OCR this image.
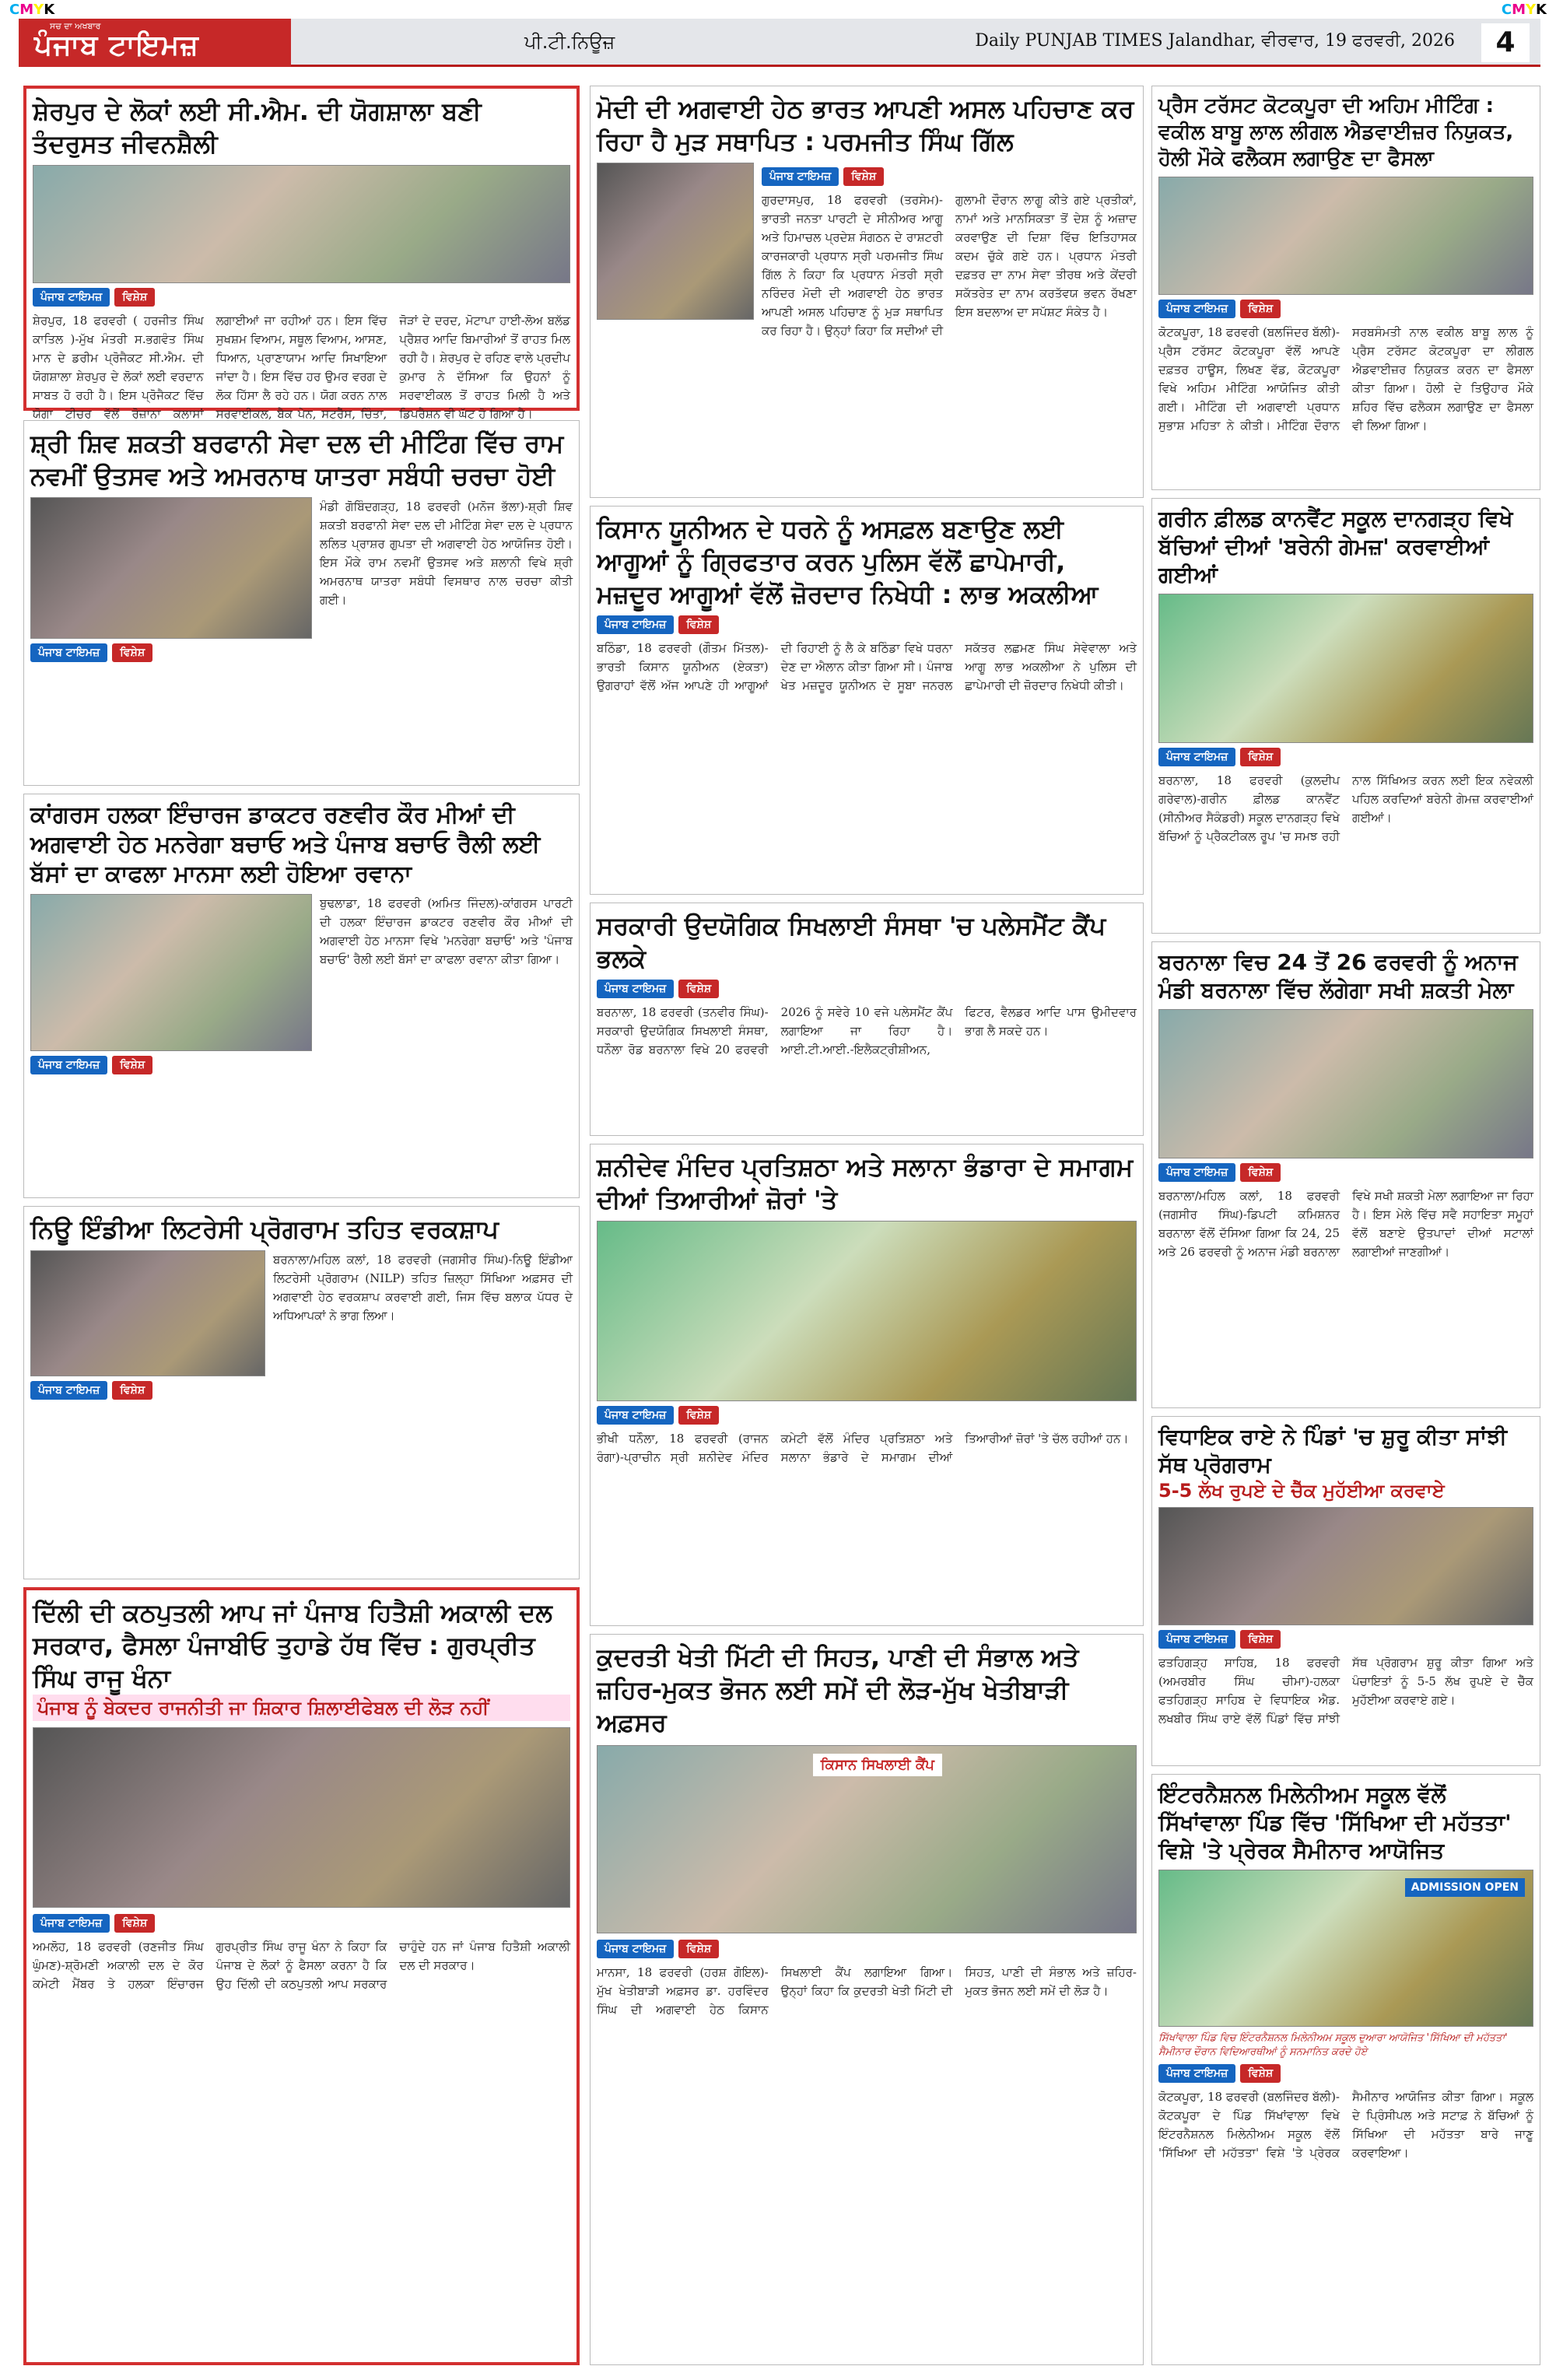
CMYK	CMYK
ਸਚ ਦਾ ਅਖਬਾਰ
ਪੰਜਾਬ ਟਾਇਮਜ਼	ਪੀ.ਟੀ.ਨਿਊਜ਼	Daily PUNJAB TIMES Jalandhar, ਵੀਰਵਾਰ, 19 ਫਰਵਰੀ, 2026	4
ਸ਼ੇਰਪੁਰ ਦੇ ਲੋਕਾਂ ਲਈ ਸੀ.ਐਮ. ਦੀ ਯੋਗਸ਼ਾਲਾ ਬਣੀ ਤੰਦਰੁਸਤ ਜੀਵਨਸ਼ੈਲੀ
ਪੰਜਾਬ ਟਾਇਮਜ਼	ਵਿਸ਼ੇਸ਼
ਸ਼ੇਰਪੁਰ, 18 ਫਰਵਰੀ ( ਹਰਜੀਤ ਸਿੰਘ ਕਾਤਿਲ )-ਮੁੱਖ ਮੰਤਰੀ ਸ.ਭਗਵੰਤ ਸਿੰਘ ਮਾਨ ਦੇ ਡਰੀਮ ਪ੍ਰੋਜੈਕਟ ਸੀ.ਐਮ. ਦੀ ਯੋਗਸ਼ਾਲਾ ਸ਼ੇਰਪੁਰ ਦੇ ਲੋਕਾਂ ਲਈ ਵਰਦਾਨ ਸਾਬਤ ਹੋ ਰਹੀ ਹੈ। ਇਸ ਪ੍ਰੋਜੈਕਟ ਵਿੱਚ ਯੋਗਾ ਟੀਚਰ ਵੱਲੋਂ ਰੋਜ਼ਾਨਾ ਕਲਾਸਾਂ ਲਗਾਈਆਂ ਜਾ ਰਹੀਆਂ ਹਨ। ਇਸ ਵਿੱਚ ਸੁਖਸ਼ਮ ਵਿਆਮ, ਸਥੂਲ ਵਿਆਮ, ਆਸਣ, ਧਿਆਨ, ਪ੍ਰਾਣਾਯਾਮ ਆਦਿ ਸਿਖਾਇਆ ਜਾਂਦਾ ਹੈ। ਇਸ ਵਿੱਚ ਹਰ ਉਮਰ ਵਰਗ ਦੇ ਲੋਕ ਹਿੱਸਾ ਲੈ ਰਹੇ ਹਨ। ਯੋਗ ਕਰਨ ਨਾਲ ਸਰਵਾਈਕਲ, ਬੈਕ ਪੇਨ, ਸਟਰੈੱਸ, ਚਿੰਤਾ, ਜੋੜਾਂ ਦੇ ਦਰਦ, ਮੋਟਾਪਾ ਹਾਈ-ਲੋਅ ਬਲੱਡ ਪ੍ਰੈਸ਼ਰ ਆਦਿ ਬਿਮਾਰੀਆਂ ਤੋਂ ਰਾਹਤ ਮਿਲ ਰਹੀ ਹੈ। ਸ਼ੇਰਪੁਰ ਦੇ ਰਹਿਣ ਵਾਲੇ ਪ੍ਰਦੀਪ ਕੁਮਾਰ ਨੇ ਦੱਸਿਆ ਕਿ ਉਹਨਾਂ ਨੂੰ ਸਰਵਾਈਕਲ ਤੋਂ ਰਾਹਤ ਮਿਲੀ ਹੈ ਅਤੇ ਡਿਪਰੈਸ਼ਨ ਵੀ ਘੱਟ ਹੋ ਗਿਆ ਹੈ।
ਮੋਦੀ ਦੀ ਅਗਵਾਈ ਹੇਠ ਭਾਰਤ ਆਪਣੀ ਅਸਲ ਪਹਿਚਾਣ ਕਰ ਰਿਹਾ ਹੈ ਮੁੜ ਸਥਾਪਿਤ : ਪਰਮਜੀਤ ਸਿੰਘ ਗਿੱਲ
ਪੰਜਾਬ ਟਾਇਮਜ਼	ਵਿਸ਼ੇਸ਼
ਗੁਰਦਾਸਪੁਰ, 18 ਫਰਵਰੀ (ਤਰਸੇਮ)-ਭਾਰਤੀ ਜਨਤਾ ਪਾਰਟੀ ਦੇ ਸੀਨੀਅਰ ਆਗੂ ਅਤੇ ਹਿਮਾਚਲ ਪ੍ਰਦੇਸ਼ ਸੰਗਠਨ ਦੇ ਰਾਸ਼ਟਰੀ ਕਾਰਜਕਾਰੀ ਪ੍ਰਧਾਨ ਸ੍ਰੀ ਪਰਮਜੀਤ ਸਿੰਘ ਗਿੱਲ ਨੇ ਕਿਹਾ ਕਿ ਪ੍ਰਧਾਨ ਮੰਤਰੀ ਸ੍ਰੀ ਨਰਿੰਦਰ ਮੋਦੀ ਦੀ ਅਗਵਾਈ ਹੇਠ ਭਾਰਤ ਆਪਣੀ ਅਸਲ ਪਹਿਚਾਣ ਨੂੰ ਮੁੜ ਸਥਾਪਿਤ ਕਰ ਰਿਹਾ ਹੈ। ਉਨ੍ਹਾਂ ਕਿਹਾ ਕਿ ਸਦੀਆਂ ਦੀ ਗੁਲਾਮੀ ਦੌਰਾਨ ਲਾਗੂ ਕੀਤੇ ਗਏ ਪ੍ਰਤੀਕਾਂ, ਨਾਮਾਂ ਅਤੇ ਮਾਨਸਿਕਤਾ ਤੋਂ ਦੇਸ਼ ਨੂੰ ਅਜ਼ਾਦ ਕਰਵਾਉਣ ਦੀ ਦਿਸ਼ਾ ਵਿੱਚ ਇਤਿਹਾਸਕ ਕਦਮ ਚੁੱਕੇ ਗਏ ਹਨ। ਪ੍ਰਧਾਨ ਮੰਤਰੀ ਦਫ਼ਤਰ ਦਾ ਨਾਮ ਸੇਵਾ ਤੀਰਥ ਅਤੇ ਕੇਂਦਰੀ ਸਕੱਤਰੇਤ ਦਾ ਨਾਮ ਕਰਤੱਵਯ ਭਵਨ ਰੱਖਣਾ ਇਸ ਬਦਲਾਅ ਦਾ ਸਪੱਸ਼ਟ ਸੰਕੇਤ ਹੈ।
ਪ੍ਰੈਸ ਟਰੱਸਟ ਕੋਟਕਪੂਰਾ ਦੀ ਅਹਿਮ ਮੀਟਿੰਗ : ਵਕੀਲ ਬਾਬੂ ਲਾਲ ਲੀਗਲ ਐਡਵਾਈਜ਼ਰ ਨਿਯੁਕਤ, ਹੋਲੀ ਮੌਕੇ ਫਲੈਕਸ ਲਗਾਉਣ ਦਾ ਫੈਸਲਾ
ਪੰਜਾਬ ਟਾਇਮਜ਼	ਵਿਸ਼ੇਸ਼
ਕੋਟਕਪੂਰਾ, 18 ਫਰਵਰੀ (ਬਲਜਿੰਦਰ ਬੱਲੀ)-ਪ੍ਰੈਸ ਟਰੱਸਟ ਕੋਟਕਪੂਰਾ ਵੱਲੋਂ ਆਪਣੇ ਦਫ਼ਤਰ ਹਾਊਸ, ਲਿਖਣ ਵੱਡ, ਕੋਟਕਪੂਰਾ ਵਿਖੇ ਅਹਿਮ ਮੀਟਿੰਗ ਆਯੋਜਿਤ ਕੀਤੀ ਗਈ। ਮੀਟਿੰਗ ਦੀ ਅਗਵਾਈ ਪ੍ਰਧਾਨ ਸੁਭਾਸ਼ ਮਹਿਤਾ ਨੇ ਕੀਤੀ। ਮੀਟਿੰਗ ਦੌਰਾਨ ਸਰਬਸੰਮਤੀ ਨਾਲ ਵਕੀਲ ਬਾਬੂ ਲਾਲ ਨੂੰ ਪ੍ਰੈਸ ਟਰੱਸਟ ਕੋਟਕਪੂਰਾ ਦਾ ਲੀਗਲ ਐਡਵਾਈਜ਼ਰ ਨਿਯੁਕਤ ਕਰਨ ਦਾ ਫੈਸਲਾ ਕੀਤਾ ਗਿਆ। ਹੋਲੀ ਦੇ ਤਿਉਹਾਰ ਮੌਕੇ ਸ਼ਹਿਰ ਵਿੱਚ ਫਲੈਕਸ ਲਗਾਉਣ ਦਾ ਫੈਸਲਾ ਵੀ ਲਿਆ ਗਿਆ।
ਸ਼੍ਰੀ ਸ਼ਿਵ ਸ਼ਕਤੀ ਬਰਫਾਨੀ ਸੇਵਾ ਦਲ ਦੀ ਮੀਟਿੰਗ ਵਿੱਚ ਰਾਮ ਨਵਮੀਂ ਉਤਸਵ ਅਤੇ ਅਮਰਨਾਥ ਯਾਤਰਾ ਸਬੰਧੀ ਚਰਚਾ ਹੋਈ
ਮੰਡੀ ਗੋਬਿੰਦਗੜ੍ਹ, 18 ਫਰਵਰੀ (ਮਨੋਜ ਭੱਲਾ)-ਸ਼੍ਰੀ ਸ਼ਿਵ ਸ਼ਕਤੀ ਬਰਫਾਨੀ ਸੇਵਾ ਦਲ ਦੀ ਮੀਟਿੰਗ ਸੇਵਾ ਦਲ ਦੇ ਪ੍ਰਧਾਨ ਲਲਿਤ ਪ੍ਰਾਸ਼ਰ ਗੁਪਤਾ ਦੀ ਅਗਵਾਈ ਹੇਠ ਆਯੋਜਿਤ ਹੋਈ। ਇਸ ਮੌਕੇ ਰਾਮ ਨਵਮੀਂ ਉਤਸਵ ਅਤੇ ਸ਼ਲਾਨੀ ਵਿਖੇ ਸ਼੍ਰੀ ਅਮਰਨਾਥ ਯਾਤਰਾ ਸਬੰਧੀ ਵਿਸਥਾਰ ਨਾਲ ਚਰਚਾ ਕੀਤੀ ਗਈ।
ਪੰਜਾਬ ਟਾਇਮਜ਼	ਵਿਸ਼ੇਸ਼
ਕਿਸਾਨ ਯੂਨੀਅਨ ਦੇ ਧਰਨੇ ਨੂੰ ਅਸਫ਼ਲ ਬਣਾਉਣ ਲਈ ਆਗੂਆਂ ਨੂੰ ਗ੍ਰਿਫਤਾਰ ਕਰਨ ਪੁਲਿਸ ਵੱਲੋਂ ਛਾਪੇਮਾਰੀ, ਮਜ਼ਦੂਰ ਆਗੂਆਂ ਵੱਲੋਂ ਜ਼ੋਰਦਾਰ ਨਿਖੇਧੀ : ਲਾਭ ਅਕਲੀਆ
ਪੰਜਾਬ ਟਾਇਮਜ਼	ਵਿਸ਼ੇਸ਼
ਬਠਿੰਡਾ, 18 ਫਰਵਰੀ (ਗੌਤਮ ਮਿੱਤਲ)-ਭਾਰਤੀ ਕਿਸਾਨ ਯੂਨੀਅਨ (ਏਕਤਾ) ਉਗਰਾਹਾਂ ਵੱਲੋਂ ਅੱਜ ਆਪਣੇ ਹੀ ਆਗੂਆਂ ਦੀ ਰਿਹਾਈ ਨੂੰ ਲੈ ਕੇ ਬਠਿੰਡਾ ਵਿਖੇ ਧਰਨਾ ਦੇਣ ਦਾ ਐਲਾਨ ਕੀਤਾ ਗਿਆ ਸੀ। ਪੰਜਾਬ ਖੇਤ ਮਜ਼ਦੂਰ ਯੂਨੀਅਨ ਦੇ ਸੂਬਾ ਜਨਰਲ ਸਕੱਤਰ ਲਛਮਣ ਸਿੰਘ ਸੇਵੇਵਾਲਾ ਅਤੇ ਆਗੂ ਲਾਭ ਅਕਲੀਆ ਨੇ ਪੁਲਿਸ ਦੀ ਛਾਪੇਮਾਰੀ ਦੀ ਜ਼ੋਰਦਾਰ ਨਿਖੇਧੀ ਕੀਤੀ।
ਗਰੀਨ ਫ਼ੀਲਡ ਕਾਨਵੈਂਟ ਸਕੂਲ ਦਾਨਗੜ੍ਹ ਵਿਖੇ ਬੱਚਿਆਂ ਦੀਆਂ 'ਬਰੇਨੀ ਗੇਮਜ਼' ਕਰਵਾਈਆਂ ਗਈਆਂ
ਪੰਜਾਬ ਟਾਇਮਜ਼	ਵਿਸ਼ੇਸ਼
ਬਰਨਾਲਾ, 18 ਫਰਵਰੀ (ਕੁਲਦੀਪ ਗਰੇਵਾਲ)-ਗਰੀਨ ਫ਼ੀਲਡ ਕਾਨਵੈਂਟ (ਸੀਨੀਅਰ ਸੈਕੰਡਰੀ) ਸਕੂਲ ਦਾਨਗੜ੍ਹ ਵਿਖੇ ਬੱਚਿਆਂ ਨੂੰ ਪ੍ਰੈਕਟੀਕਲ ਰੂਪ 'ਚ ਸਮਝ ਰਹੀ ਨਾਲ ਸਿੱਖਿਅਤ ਕਰਨ ਲਈ ਇਕ ਨਵੇਕਲੀ ਪਹਿਲ ਕਰਦਿਆਂ ਬਰੇਨੀ ਗੇਮਜ਼ ਕਰਵਾਈਆਂ ਗਈਆਂ।
ਕਾਂਗਰਸ ਹਲਕਾ ਇੰਚਾਰਜ ਡਾਕਟਰ ਰਣਵੀਰ ਕੌਰ ਮੀਆਂ ਦੀ ਅਗਵਾਈ ਹੇਠ ਮਨਰੇਗਾ ਬਚਾਓ ਅਤੇ ਪੰਜਾਬ ਬਚਾਓ ਰੈਲੀ ਲਈ ਬੱਸਾਂ ਦਾ ਕਾਫਲਾ ਮਾਨਸਾ ਲਈ ਹੋਇਆ ਰਵਾਨਾ
ਬੁਢਲਾਡਾ, 18 ਫਰਵਰੀ (ਅਮਿਤ ਜਿੰਦਲ)-ਕਾਂਗਰਸ ਪਾਰਟੀ ਦੀ ਹਲਕਾ ਇੰਚਾਰਜ ਡਾਕਟਰ ਰਣਵੀਰ ਕੌਰ ਮੀਆਂ ਦੀ ਅਗਵਾਈ ਹੇਠ ਮਾਨਸਾ ਵਿਖੇ 'ਮਨਰੇਗਾ ਬਚਾਓ' ਅਤੇ 'ਪੰਜਾਬ ਬਚਾਓ' ਰੈਲੀ ਲਈ ਬੱਸਾਂ ਦਾ ਕਾਫਲਾ ਰਵਾਨਾ ਕੀਤਾ ਗਿਆ।
ਪੰਜਾਬ ਟਾਇਮਜ਼	ਵਿਸ਼ੇਸ਼
ਸਰਕਾਰੀ ਉਦਯੋਗਿਕ ਸਿਖਲਾਈ ਸੰਸਥਾ 'ਚ ਪਲੇਸਮੈਂਟ ਕੈਂਪ ਭਲਕੇ
ਪੰਜਾਬ ਟਾਇਮਜ਼	ਵਿਸ਼ੇਸ਼
ਬਰਨਾਲਾ, 18 ਫਰਵਰੀ (ਤਨਵੀਰ ਸਿੰਘ)-ਸਰਕਾਰੀ ਉਦਯੋਗਿਕ ਸਿਖਲਾਈ ਸੰਸਥਾ, ਧਨੌਲਾ ਰੋਡ ਬਰਨਾਲਾ ਵਿਖੇ 20 ਫਰਵਰੀ 2026 ਨੂੰ ਸਵੇਰੇ 10 ਵਜੇ ਪਲੇਸਮੈਂਟ ਕੈਂਪ ਲਗਾਇਆ ਜਾ ਰਿਹਾ ਹੈ। ਆਈ.ਟੀ.ਆਈ.-ਇਲੈਕਟ੍ਰੀਸ਼ੀਅਨ, ਫਿਟਰ, ਵੈਲਡਰ ਆਦਿ ਪਾਸ ਉਮੀਦਵਾਰ ਭਾਗ ਲੈ ਸਕਦੇ ਹਨ।
ਬਰਨਾਲਾ ਵਿਚ 24 ਤੋਂ 26 ਫਰਵਰੀ ਨੂੰ ਅਨਾਜ ਮੰਡੀ ਬਰਨਾਲਾ ਵਿੱਚ ਲੱਗੇਗਾ ਸਖੀ ਸ਼ਕਤੀ ਮੇਲਾ
ਪੰਜਾਬ ਟਾਇਮਜ਼	ਵਿਸ਼ੇਸ਼
ਬਰਨਾਲਾ/ਮਹਿਲ ਕਲਾਂ, 18 ਫਰਵਰੀ (ਜਗਸੀਰ ਸਿੰਘ)-ਡਿਪਟੀ ਕਮਿਸ਼ਨਰ ਬਰਨਾਲਾ ਵੱਲੋਂ ਦੱਸਿਆ ਗਿਆ ਕਿ 24, 25 ਅਤੇ 26 ਫਰਵਰੀ ਨੂੰ ਅਨਾਜ ਮੰਡੀ ਬਰਨਾਲਾ ਵਿਖੇ ਸਖੀ ਸ਼ਕਤੀ ਮੇਲਾ ਲਗਾਇਆ ਜਾ ਰਿਹਾ ਹੈ। ਇਸ ਮੇਲੇ ਵਿੱਚ ਸਵੈ ਸਹਾਇਤਾ ਸਮੂਹਾਂ ਵੱਲੋਂ ਬਣਾਏ ਉਤਪਾਦਾਂ ਦੀਆਂ ਸਟਾਲਾਂ ਲਗਾਈਆਂ ਜਾਣਗੀਆਂ।
ਨਿਊ ਇੰਡੀਆ ਲਿਟਰੇਸੀ ਪ੍ਰੋਗਰਾਮ ਤਹਿਤ ਵਰਕਸ਼ਾਪ
ਬਰਨਾਲਾ/ਮਹਿਲ ਕਲਾਂ, 18 ਫਰਵਰੀ (ਜਗਸੀਰ ਸਿੰਘ)-ਨਿਊ ਇੰਡੀਆ ਲਿਟਰੇਸੀ ਪ੍ਰੋਗਰਾਮ (NILP) ਤਹਿਤ ਜ਼ਿਲ੍ਹਾ ਸਿੱਖਿਆ ਅਫ਼ਸਰ ਦੀ ਅਗਵਾਈ ਹੇਠ ਵਰਕਸ਼ਾਪ ਕਰਵਾਈ ਗਈ, ਜਿਸ ਵਿੱਚ ਬਲਾਕ ਪੱਧਰ ਦੇ ਅਧਿਆਪਕਾਂ ਨੇ ਭਾਗ ਲਿਆ।
ਪੰਜਾਬ ਟਾਇਮਜ਼	ਵਿਸ਼ੇਸ਼
ਸ਼ਨੀਦੇਵ ਮੰਦਿਰ ਪ੍ਰਤਿਸ਼ਠਾ ਅਤੇ ਸਲਾਨਾ ਭੰਡਾਰਾ ਦੇ ਸਮਾਗਮ ਦੀਆਂ ਤਿਆਰੀਆਂ ਜ਼ੋਰਾਂ 'ਤੇ
ਪੰਜਾਬ ਟਾਇਮਜ਼	ਵਿਸ਼ੇਸ਼
ਭੀਖੀ ਧਨੌਲਾ, 18 ਫਰਵਰੀ (ਰਾਜਨ ਰੰਗਾ)-ਪ੍ਰਾਚੀਨ ਸ੍ਰੀ ਸ਼ਨੀਦੇਵ ਮੰਦਿਰ ਕਮੇਟੀ ਵੱਲੋਂ ਮੰਦਿਰ ਪ੍ਰਤਿਸ਼ਠਾ ਅਤੇ ਸਲਾਨਾ ਭੰਡਾਰੇ ਦੇ ਸਮਾਗਮ ਦੀਆਂ ਤਿਆਰੀਆਂ ਜ਼ੋਰਾਂ 'ਤੇ ਚੱਲ ਰਹੀਆਂ ਹਨ।	ਵਿਧਾਇਕ ਰਾਏ ਨੇ ਪਿੰਡਾਂ 'ਚ ਸ਼ੁਰੂ ਕੀਤਾ ਸਾਂਝੀ ਸੱਥ ਪ੍ਰੋਗਰਾਮ
5-5 ਲੱਖ ਰੁਪਏ ਦੇ ਚੈੱਕ ਮੁਹੱਈਆ ਕਰਵਾਏ
ਪੰਜਾਬ ਟਾਇਮਜ਼	ਵਿਸ਼ੇਸ਼
ਫਤਹਿਗੜ੍ਹ ਸਾਹਿਬ, 18 ਫਰਵਰੀ (ਅਮਰਬੀਰ ਸਿੰਘ ਚੀਮਾ)-ਹਲਕਾ ਫਤਹਿਗੜ੍ਹ ਸਾਹਿਬ ਦੇ ਵਿਧਾਇਕ ਐਡ. ਲਖਬੀਰ ਸਿੰਘ ਰਾਏ ਵੱਲੋਂ ਪਿੰਡਾਂ ਵਿੱਚ ਸਾਂਝੀ ਸੱਥ ਪ੍ਰੋਗਰਾਮ ਸ਼ੁਰੂ ਕੀਤਾ ਗਿਆ ਅਤੇ ਪੰਚਾਇਤਾਂ ਨੂੰ 5-5 ਲੱਖ ਰੁਪਏ ਦੇ ਚੈੱਕ ਮੁਹੱਈਆ ਕਰਵਾਏ ਗਏ।
ਦਿੱਲੀ ਦੀ ਕਠਪੁਤਲੀ ਆਪ ਜਾਂ ਪੰਜਾਬ ਹਿਤੈਸ਼ੀ ਅਕਾਲੀ ਦਲ ਸਰਕਾਰ, ਫੈਸਲਾ ਪੰਜਾਬੀਓ ਤੁਹਾਡੇ ਹੱਥ ਵਿੱਚ : ਗੁਰਪ੍ਰੀਤ ਸਿੰਘ ਰਾਜੂ ਖੰਨਾ
ਪੰਜਾਬ ਨੂੰ ਬੇਕਦਰ ਰਾਜਨੀਤੀ ਜਾ ਸ਼ਿਕਾਰ ਸ਼ਿਲਾਈਫੇਬਲ ਦੀ ਲੋੜ ਨਹੀਂ
ਪੰਜਾਬ ਟਾਇਮਜ਼	ਵਿਸ਼ੇਸ਼
ਅਮਲੋਹ, 18 ਫਰਵਰੀ (ਰਣਜੀਤ ਸਿੰਘ ਘੁੰਮਣ)-ਸ਼੍ਰੋਮਣੀ ਅਕਾਲੀ ਦਲ ਦੇ ਕੋਰ ਕਮੇਟੀ ਮੈਂਬਰ ਤੇ ਹਲਕਾ ਇੰਚਾਰਜ ਗੁਰਪ੍ਰੀਤ ਸਿੰਘ ਰਾਜੂ ਖੰਨਾ ਨੇ ਕਿਹਾ ਕਿ ਪੰਜਾਬ ਦੇ ਲੋਕਾਂ ਨੂੰ ਫੈਸਲਾ ਕਰਨਾ ਹੈ ਕਿ ਉਹ ਦਿੱਲੀ ਦੀ ਕਠਪੁਤਲੀ ਆਪ ਸਰਕਾਰ ਚਾਹੁੰਦੇ ਹਨ ਜਾਂ ਪੰਜਾਬ ਹਿਤੈਸ਼ੀ ਅਕਾਲੀ ਦਲ ਦੀ ਸਰਕਾਰ।
ਕੁਦਰਤੀ ਖੇਤੀ ਮਿੱਟੀ ਦੀ ਸਿਹਤ, ਪਾਣੀ ਦੀ ਸੰਭਾਲ ਅਤੇ ਜ਼ਹਿਰ-ਮੁਕਤ ਭੋਜਨ ਲਈ ਸਮੇਂ ਦੀ ਲੋੜ-ਮੁੱਖ ਖੇਤੀਬਾੜੀ ਅਫ਼ਸਰ
ਕਿਸਾਨ ਸਿਖਲਾਈ ਕੈਂਪ
ਪੰਜਾਬ ਟਾਇਮਜ਼	ਵਿਸ਼ੇਸ਼
ਮਾਨਸਾ, 18 ਫਰਵਰੀ (ਹਰਸ਼ ਗੋਇਲ)-ਮੁੱਖ ਖੇਤੀਬਾੜੀ ਅਫ਼ਸਰ ਡਾ. ਹਰਵਿੰਦਰ ਸਿੰਘ ਦੀ ਅਗਵਾਈ ਹੇਠ ਕਿਸਾਨ ਸਿਖਲਾਈ ਕੈਂਪ ਲਗਾਇਆ ਗਿਆ। ਉਨ੍ਹਾਂ ਕਿਹਾ ਕਿ ਕੁਦਰਤੀ ਖੇਤੀ ਮਿੱਟੀ ਦੀ ਸਿਹਤ, ਪਾਣੀ ਦੀ ਸੰਭਾਲ ਅਤੇ ਜ਼ਹਿਰ-ਮੁਕਤ ਭੋਜਨ ਲਈ ਸਮੇਂ ਦੀ ਲੋੜ ਹੈ।
ਇੰਟਰਨੈਸ਼ਨਲ ਮਿਲੇਨੀਅਮ ਸਕੂਲ ਵੱਲੋਂ ਸਿੱਖਾਂਵਾਲਾ ਪਿੰਡ ਵਿੱਚ 'ਸਿੱਖਿਆ ਦੀ ਮਹੱਤਤਾ' ਵਿਸ਼ੇ 'ਤੇ ਪ੍ਰੇਰਕ ਸੈਮੀਨਾਰ ਆਯੋਜਿਤ
ADMISSION OPEN
ਸਿੱਖਾਂਵਾਲਾ ਪਿੰਡ ਵਿਚ ਇੰਟਰਨੈਸ਼ਨਲ ਮਿਲੇਨੀਅਮ ਸਕੂਲ ਦੁਆਰਾ ਆਯੋਜਿਤ 'ਸਿੱਖਿਆ ਦੀ ਮਹੱਤਤਾ' ਸੈਮੀਨਾਰ ਦੌਰਾਨ ਵਿਦਿਆਰਥੀਆਂ ਨੂੰ ਸਨਮਾਨਿਤ ਕਰਦੇ ਹੋਏ
ਪੰਜਾਬ ਟਾਇਮਜ਼	ਵਿਸ਼ੇਸ਼
ਕੋਟਕਪੂਰਾ, 18 ਫਰਵਰੀ (ਬਲਜਿੰਦਰ ਬੱਲੀ)-ਕੋਟਕਪੂਰਾ ਦੇ ਪਿੰਡ ਸਿੱਖਾਂਵਾਲਾ ਵਿਖੇ ਇੰਟਰਨੈਸ਼ਨਲ ਮਿਲੇਨੀਅਮ ਸਕੂਲ ਵੱਲੋਂ 'ਸਿੱਖਿਆ ਦੀ ਮਹੱਤਤਾ' ਵਿਸ਼ੇ 'ਤੇ ਪ੍ਰੇਰਕ ਸੈਮੀਨਾਰ ਆਯੋਜਿਤ ਕੀਤਾ ਗਿਆ। ਸਕੂਲ ਦੇ ਪ੍ਰਿੰਸੀਪਲ ਅਤੇ ਸਟਾਫ਼ ਨੇ ਬੱਚਿਆਂ ਨੂੰ ਸਿੱਖਿਆ ਦੀ ਮਹੱਤਤਾ ਬਾਰੇ ਜਾਣੂ ਕਰਵਾਇਆ।
